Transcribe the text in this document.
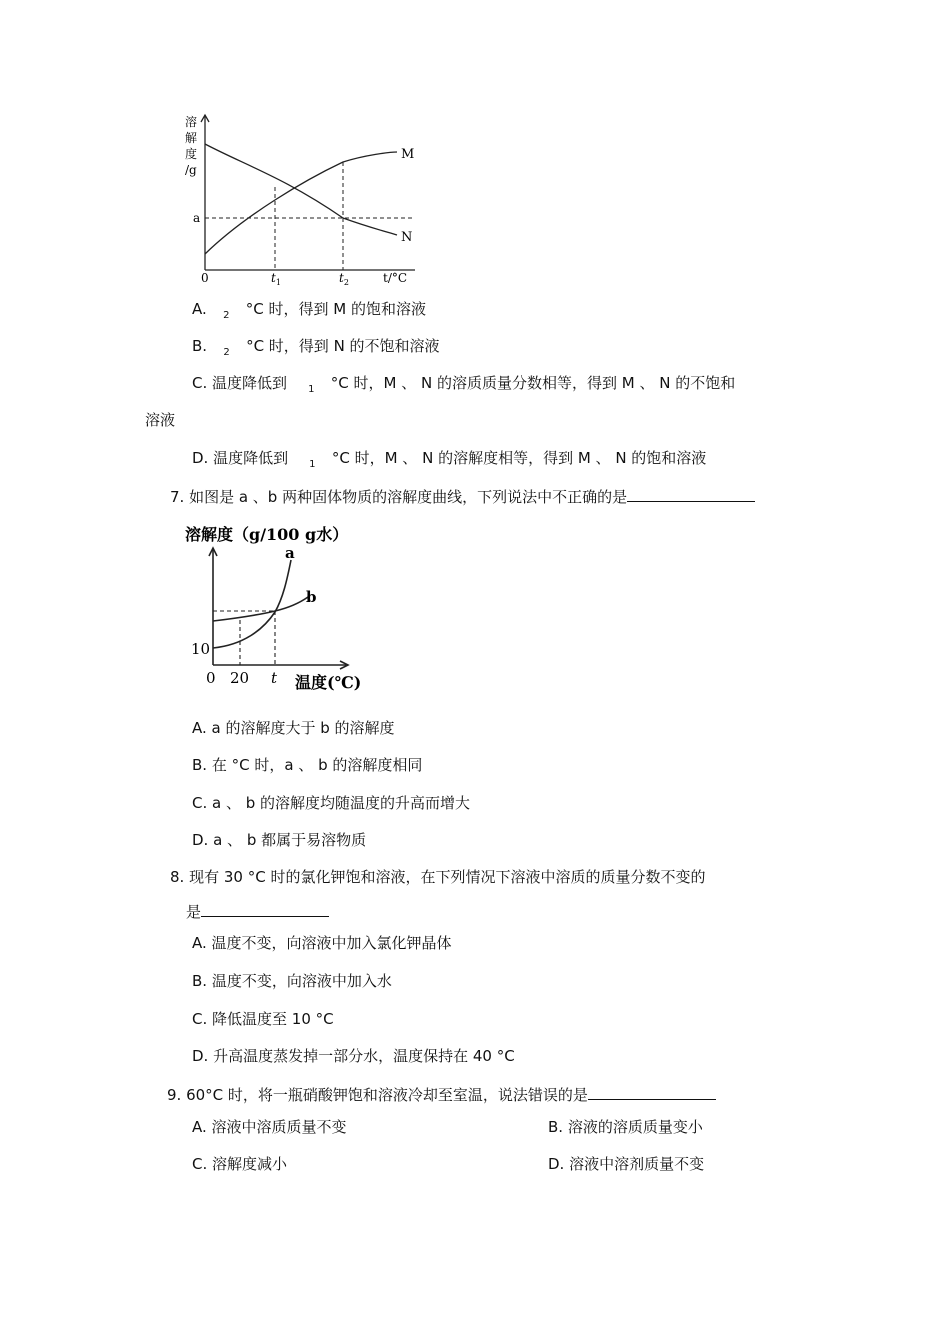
溶
解
度
/g
a
0	$t_1$	$t_2$	t/°C
M
N
A. $_2$ °C 时，得到 M 的饱和溶液
B. $_2$ °C 时，得到 N 的不饱和溶液
C. 温度降低到 $_1$ °C 时，M 、 N 的溶质质量分数相等，得到 M 、 N 的不饱和
溶液
D. 温度降低到 $_1$ °C 时，M 、 N 的溶解度相等，得到 M 、 N 的饱和溶液
7. 如图是 a 、b 两种固体物质的溶解度曲线，下列说法中不正确的是
溶解度（g/100 g水）
a
b
10
0 20 t 温度(℃)
A. a 的溶解度大于 b 的溶解度
B. 在 °C 时，a 、 b 的溶解度相同
C. a 、 b 的溶解度均随温度的升高而增大
D. a 、 b 都属于易溶物质
8. 现有 30 °C 时的氯化钾饱和溶液，在下列情况下溶液中溶质的质量分数不变的
是
A. 温度不变，向溶液中加入氯化钾晶体
B. 温度不变，向溶液中加入水
C. 降低温度至 10 °C
D. 升高温度蒸发掉一部分水，温度保持在 40 °C
9. 60°C 时，将一瓶硝酸钾饱和溶液冷却至室温，说法错误的是
A. 溶液中溶质质量不变	B. 溶液的溶质质量变小
C. 溶解度减小	D. 溶液中溶剂质量不变
